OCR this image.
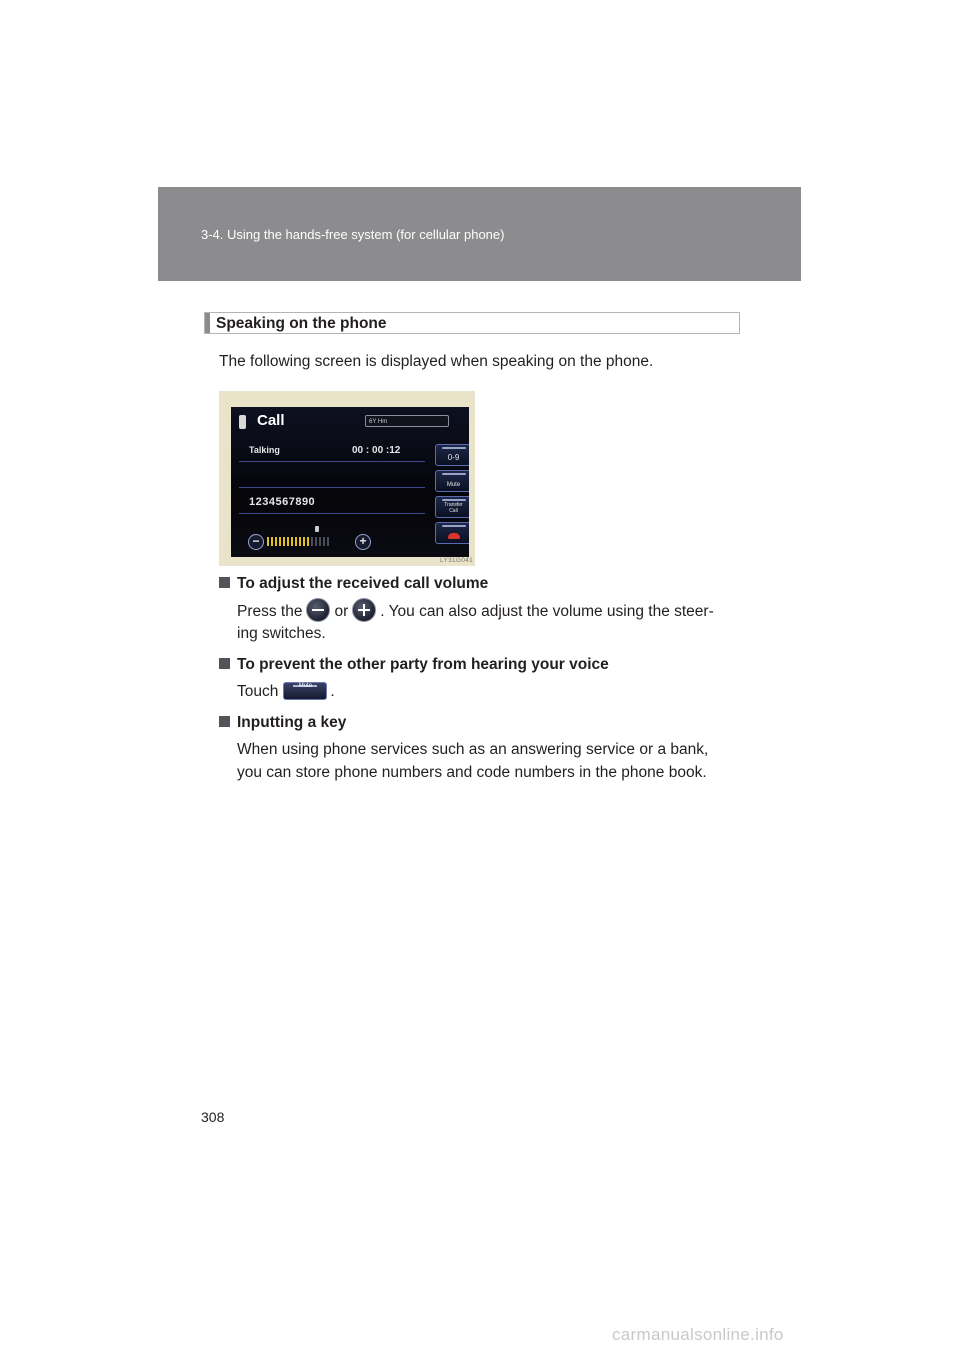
3-4. Using the hands-free system (for cellular phone)
Speaking on the phone
The following screen is displayed when speaking on the phone.
Call	6Y Hm
Talking	00 : 00 :12
1234567890
0-9
Mute
Transfer
Call
−	+
LY31G041
To adjust the received call volume
Press the or . You can also adjust the volume using the steer-
ing switches.
To prevent the other party from hearing your voice
Touch	Mute	.
Inputting a key
When using phone services such as an answering service or a bank,
you can store phone numbers and code numbers in the phone book.
308
carmanualsonline.info
